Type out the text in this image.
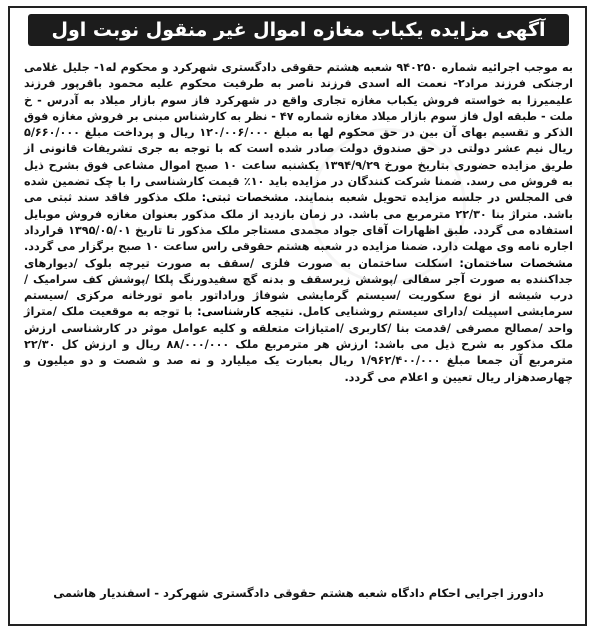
آگهی مزایده یکباب مغازه اموال غیر منقول نوبت اول
به موجب اجرائیه شماره ۹۴۰۲۵۰ شعبه هشتم حقوقی دادگستری شهرکرد و محکوم له۱- جلیل غلامی ارجنکی فرزند مراد۲- نعمت اله اسدی فرزند ناصر به طرفیت محکوم علیه محمود باقرپور فرزند علیمیرزا به خواسته فروش یکباب مغازه تجاری واقع در شهرکرد فاز سوم بازار میلاد به آدرس - خ ملت - طبقه اول فاز سوم بازار میلاد مغازه شماره ۴۷ - نظر به کارشناس مبنی بر فروش مغازه فوق الذکر و تقسیم بهای آن بین در حق محکوم لها به مبلغ ۱۲۰/۰۰۶/۰۰۰ ریال و پرداخت مبلغ ۵/۶۶۰/۰۰۰ ریال نیم عشر دولتی در حق صندوق دولت صادر شده است که با توجه به جری تشریفات قانونی از طریق مزایده حضوری بتاریخ مورخ ۱۳۹۴/۹/۲۹ یکشنبه ساعت ۱۰ صبح اموال مشاعی فوق بشرح ذیل به فروش می رسد. ضمنا شرکت کنندگان در مزایده باید ۱۰٪ قیمت کارشناسی را با چک تضمین شده فی المجلس در جلسه مزایده تحویل شعبه بنمایند. مشخصات ثبتی: ملک مذکور فاقد سند ثبتی می باشد. متراژ بنا ۲۲/۳۰ مترمربع می باشد. در زمان بازدید از ملک مذکور بعنوان مغازه فروش موبایل استفاده می گردد. طبق اظهارات آقای جواد محمدی مستاجر ملک مذکور تا تاریخ ۱۳۹۵/۰۵/۰۱ قرارداد اجاره نامه وی مهلت دارد. ضمنا مزایده در شعبه هشتم حقوقی راس ساعت ۱۰ صبح برگزار می گردد. مشخصات ساختمان: اسکلت ساختمان به صورت فلزی /سقف به صورت تیرچه بلوک /دیوارهای جداکننده به صورت آجر سفالی /پوشش زیرسقف و بدنه گچ سفیدورنگ پلکا /پوشش کف سرامیک /درب شیشه از نوع سکوریت /سیستم گرمایشی شوفاژ وراداتور بامو تورخانه مرکزی /سیستم سرمایشی اسپیلت /دارای سیستم روشنایی کامل. نتیجه کارشناسی: با توجه به موقعیت ملک /متراژ واحد /مصالح مصرفی /قدمت بنا /کاربری /امتیازات متعلقه و کلیه عوامل موثر در کارشناسی ارزش ملک مذکور به شرح ذیل می باشد: ارزش هر مترمربع ملک ۸۸/۰۰۰/۰۰۰ ریال و ارزش کل ۲۲/۳۰ مترمربع آن جمعا مبلغ ۱/۹۶۲/۴۰۰/۰۰۰ ریال بعبارت یک میلیارد و نه صد و شصت و دو میلیون و چهارصدهزار ریال تعیین و اعلام می گردد.
دادورز اجرایی احکام دادگاه شعبه هشتم حقوقی دادگستری شهرکرد - اسفندیار هاشمی
